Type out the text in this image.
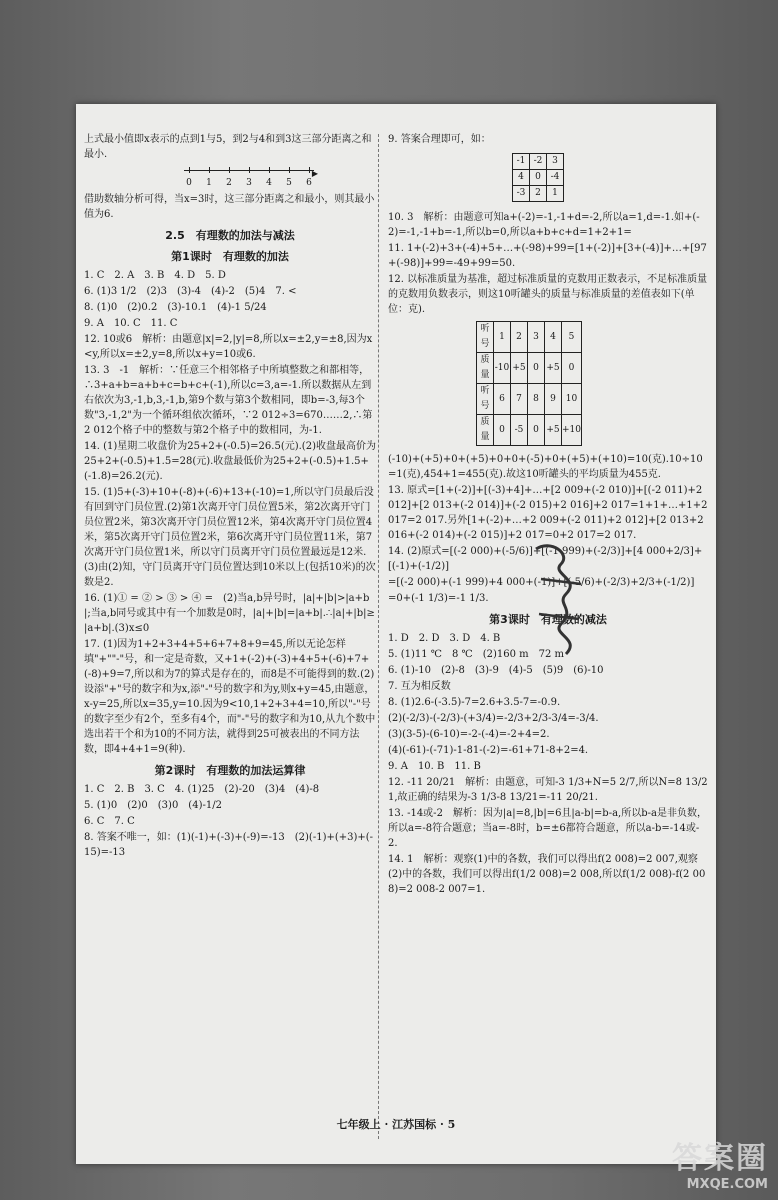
上式最小值即x表示的点到1与5，到2与4和到3这三部分距离之和最小.

▶
0 1 2 3 4 5 6

借助数轴分析可得，当x=3时，这三部分距离之和最小，则其最小值为6.

2.5　有理数的加法与减法
第1课时　有理数的加法

1. C　2. A　3. B　4. D　5. D

6. (1)3 1/2　(2)3　(3)-4　(4)-2　(5)4　7. <

8. (1)0　(2)0.2　(3)-10.1　(4)-1 5/24

9. A　10. C　11. C

12. 10或6　解析：由题意|x|=2,|y|=8,所以x=±2,y=±8,因为x<y,所以x=±2,y=8,所以x+y=10或6.

13. 3　-1　解析：∵任意三个相邻格子中所填整数之和都相等，∴3+a+b=a+b+c=b+c+(-1),所以c=3,a=-1.所以数据从左到右依次为3,-1,b,3,-1,b,第9个数与第3个数相同，即b=-3,每3个数"3,-1,2"为一个循环组依次循环，∵2 012÷3=670……2,∴第2 012个格子中的整数与第2个格子中的数相同，为-1.

14. (1)星期二收盘价为25+2+(-0.5)=26.5(元).(2)收盘最高价为25+2+(-0.5)+1.5=28(元).收盘最低价为25+2+(-0.5)+1.5+(-1.8)=26.2(元).

15. (1)5+(-3)+10+(-8)+(-6)+13+(-10)=1,所以守门员最后没有回到守门员位置.(2)第1次离开守门员位置5米，第2次离开守门员位置2米，第3次离开守门员位置12米，第4次离开守门员位置4米，第5次离开守门员位置2米，第6次离开守门员位置11米，第7次离开守门员位置1米，所以守门员离开守门员位置最远是12米.(3)由(2)知，守门员离开守门员位置达到10米以上(包括10米)的次数是2.

16. (1)① = ② > ③ > ④ =　(2)当a,b异号时，|a|+|b|>|a+b|;当a,b同号或其中有一个加数是0时，|a|+|b|=|a+b|.∴|a|+|b|≥|a+b|.(3)x≤0

17. (1)因为1+2+3+4+5+6+7+8+9=45,所以无论怎样填"+""-"号，和一定是奇数，又+1+(-2)+(-3)+4+5+(-6)+7+(-8)+9=7,所以和为7的算式是存在的，而8是不可能得到的数.(2)设添"+"号的数字和为x,添"-"号的数字和为y,则x+y=45,由题意，x-y=25,所以x=35,y=10.因为9<10,1+2+3+4=10,所以"-"号的数字至少有2个，至多有4个，而"-"号的数字和为10,从九个数中选出若干个和为10的不同方法，就得到25可被表出的不同方法数，即4+4+1=9(种).

第2课时　有理数的加法运算律

1. C　2. B　3. C　4. (1)25　(2)-20　(3)4　(4)-8

5. (1)0　(2)0　(3)0　(4)-1/2

6. C　7. C

8. 答案不唯一，如：(1)(-1)+(-3)+(-9)=-13　(2)(-1)+(+3)+(-15)=-13

9. 答案合理即可，如：

-1	-2	3
4	0	-4
-3	2	1

10. 3　解析：由题意可知a+(-2)=-1,-1+d=-2,所以a=1,d=-1.如+(-2)=-1,-1+b=-1,所以b=0,所以a+b+c+d=1+2+1=

11. 1+(-2)+3+(-4)+5+…+(-98)+99=[1+(-2)]+[3+(-4)]+…+[97+(-98)]+99=-49+99=50.

12. 以标准质量为基准，超过标准质量的克数用正数表示，不足标准质量的克数用负数表示，则这10听罐头的质量与标准质量的差值表如下(单位：克).

听号	1	2	3	4	5
质量	-10	+5	0	+5	0
听号	6	7	8	9	10
质量	0	-5	0	+5	+10

(-10)+(+5)+0+(+5)+0+0+(-5)+0+(+5)+(+10)=10(克).10÷10=1(克),454+1=455(克).故这10听罐头的平均质量为455克.

13. 原式=[1+(-2)]+[(-3)+4]+…+[2 009+(-2 010)]+[(-2 011)+2 012]+[2 013+(-2 014)]+(-2 015)+2 016]+2 017=1+1+…+1+2 017=2 017.另外[1+(-2)+…+2 009+(-2 011)+2 012]+[2 013+2 016+(-2 014)+(-2 015)]+2 017=0+2 017=2 017.

14. (2)原式=[(-2 000)+(-5/6)]+[(-1 999)+(-2/3)]+[4 000+2/3]+[(-1)+(-1/2)]

=[(-2 000)+(-1 999)+4 000+(-1)]+[(-5/6)+(-2/3)+2/3+(-1/2)]

=0+(-1 1/3)=-1 1/3.

第3课时　有理数的减法

1. D　2. D　3. D　4. B

5. (1)11 ℃　8 ℃　(2)160 m　72 m

6. (1)-10　(2)-8　(3)-9　(4)-5　(5)9　(6)-10

7. 互为相反数

8. (1)2.6-(-3.5)-7=2.6+3.5-7=-0.9.

(2)(-2/3)-(-2/3)-(+3/4)=-2/3+2/3-3/4=-3/4.

(3)(3-5)-(6-10)=-2-(-4)=-2+4=2.

(4)(-61)-(-71)-1-81-(-2)=-61+71-8+2=4.

9. A　10. B　11. B

12. -11 20/21　解析：由题意，可知-3 1/3+N=5 2/7,所以N=8 13/21,故正确的结果为-3 1/3-8 13/21=-11 20/21.

13. -14或-2　解析：因为|a|=8,|b|=6且|a-b|=b-a,所以b-a是非负数，所以a=-8符合题意；当a=-8时，b=±6都符合题意，所以a-b=-14或-2.

14. 1　解析：观察(1)中的各数，我们可以得出f(2 008)=2 007,观察(2)中的各数，我们可以得出f(1/2 008)=2 008,所以f(1/2 008)-f(2 008)=2 008-2 007=1.

七年级上 · 江苏国标 · 5
答案圈
MXQE.COM
